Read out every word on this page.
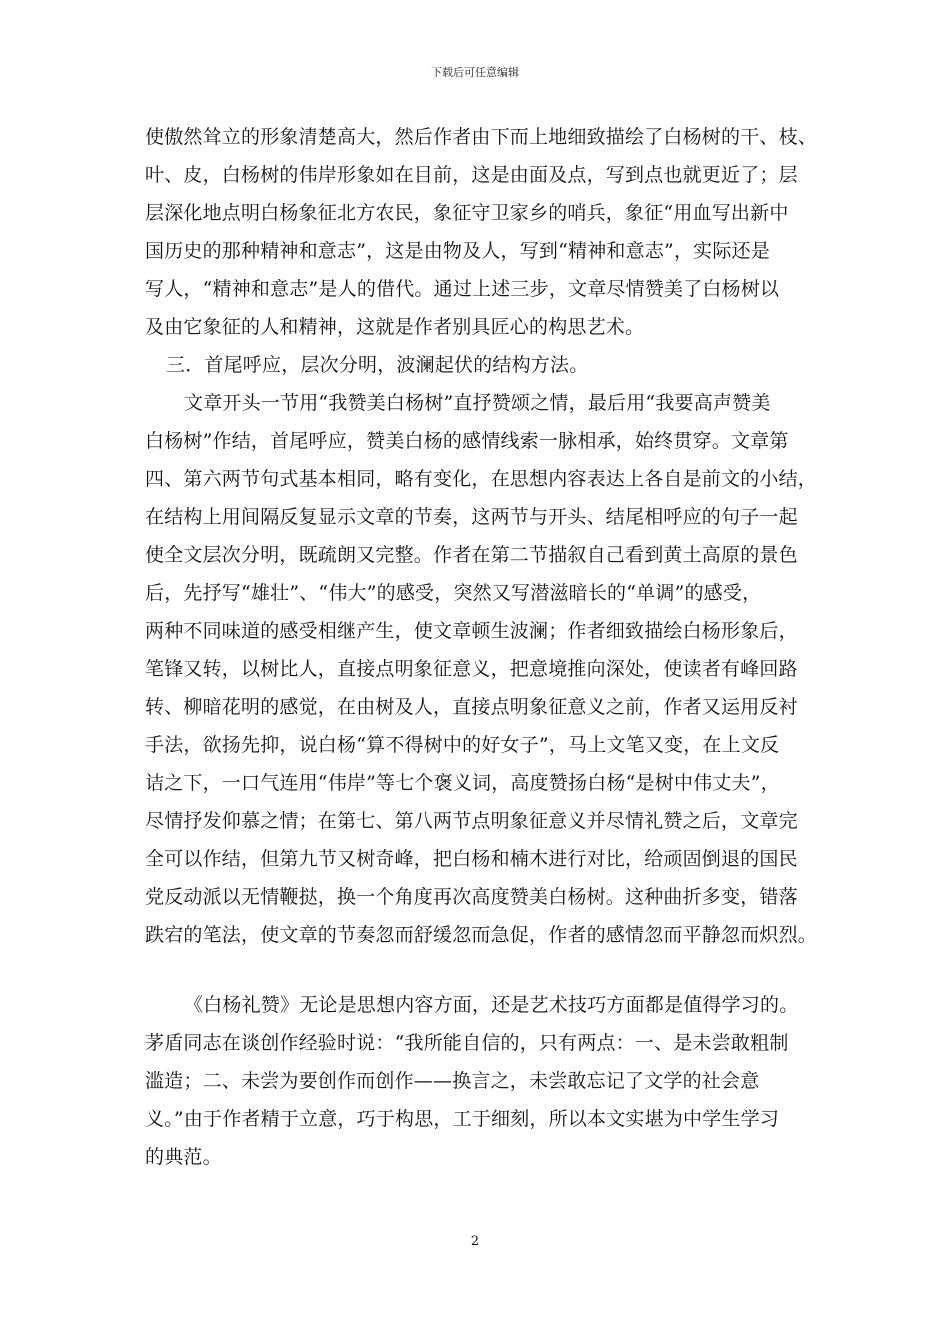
下载后可任意编辑
使傲然耸立的形象清楚高大，然后作者由下而上地细致描绘了白杨树的干、枝、
叶、皮，白杨树的伟岸形象如在目前，这是由面及点，写到点也就更近了；层
层深化地点明白杨象征北方农民，象征守卫家乡的哨兵，象征“用血写出新中
国历史的那种精神和意志”，这是由物及人，写到“精神和意志”，实际还是
写人，“精神和意志”是人的借代。通过上述三步，文章尽情赞美了白杨树以
及由它象征的人和精神，这就是作者别具匠心的构思艺术。
三．首尾呼应，层次分明，波澜起伏的结构方法。
文章开头一节用“我赞美白杨树”直抒赞颂之情，最后用“我要高声赞美
白杨树”作结，首尾呼应，赞美白杨的感情线索一脉相承，始终贯穿。文章第
四、第六两节句式基本相同，略有变化，在思想内容表达上各自是前文的小结，
在结构上用间隔反复显示文章的节奏，这两节与开头、结尾相呼应的句子一起
使全文层次分明，既疏朗又完整。作者在第二节描叙自己看到黄土高原的景色
后，先抒写“雄壮”、“伟大”的感受，突然又写潜滋暗长的“单调”的感受，
两种不同味道的感受相继产生，使文章顿生波澜；作者细致描绘白杨形象后，
笔锋又转，以树比人，直接点明象征意义，把意境推向深处，使读者有峰回路
转、柳暗花明的感觉，在由树及人，直接点明象征意义之前，作者又运用反衬
手法，欲扬先抑，说白杨“算不得树中的好女子”，马上文笔又变，在上文反
诘之下，一口气连用“伟岸”等七个褒义词，高度赞扬白杨“是树中伟丈夫”，
尽情抒发仰慕之情；在第七、第八两节点明象征意义并尽情礼赞之后，文章完
全可以作结，但第九节又树奇峰，把白杨和楠木进行对比，给顽固倒退的国民
党反动派以无情鞭挞，换一个角度再次高度赞美白杨树。这种曲折多变，错落
跌宕的笔法，使文章的节奏忽而舒缓忽而急促，作者的感情忽而平静忽而炽烈。
《白杨礼赞》无论是思想内容方面，还是艺术技巧方面都是值得学习的。
茅盾同志在谈创作经验时说：“我所能自信的，只有两点：一、是未尝敢粗制
滥造；二、未尝为要创作而创作——换言之，未尝敢忘记了文学的社会意
义。”由于作者精于立意，巧于构思，工于细刻，所以本文实堪为中学生学习
的典范。
2
